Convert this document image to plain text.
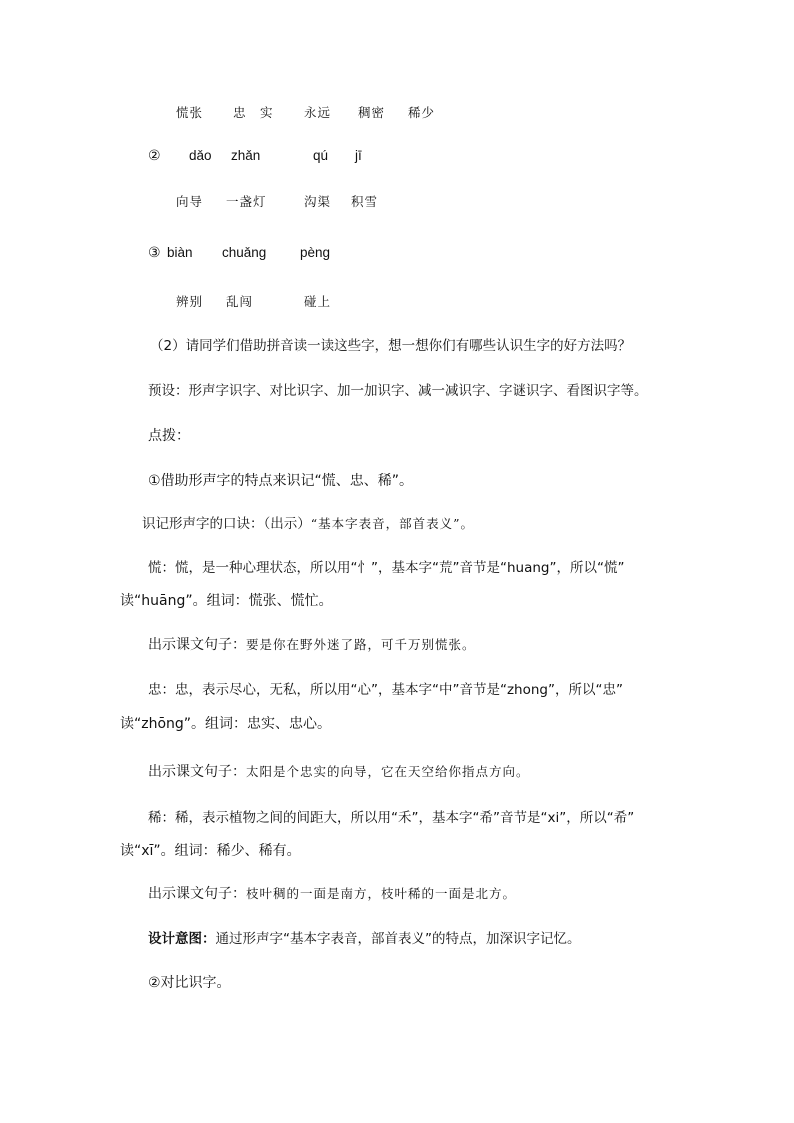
慌张 忠　实 永远 稠密 稀少
② dǎo zhǎn	qú jī
向导 一盏灯	沟渠 积雪
③ biàn chuǎng pèng
辨别 乱闯	碰上
（2）请同学们借助拼音读一读这些字，想一想你们有哪些认识生字的好方法吗？
预设：形声字识字、对比识字、加一加识字、减一减识字、字谜识字、看图识字等。
点拨：
①借助形声字的特点来识记“慌、忠、稀”。
识记形声字的口诀：（出示）“基本字表音，部首表义”。
慌：慌，是一种心理状态，所以用“忄”，基本字“荒”音节是“huang”，所以“慌”
读“huāng”。组词：慌张、慌忙。
出示课文句子：要是你在野外迷了路，可千万别慌张。
忠：忠，表示尽心，无私，所以用“心”，基本字“中”音节是“zhong”，所以“忠”
读“zhōng”。组词：忠实、忠心。
出示课文句子：太阳是个忠实的向导，它在天空给你指点方向。
稀：稀，表示植物之间的间距大，所以用“禾”，基本字“希”音节是“xi”，所以“希”
读“xī”。组词：稀少、稀有。
出示课文句子：枝叶稠的一面是南方，枝叶稀的一面是北方。
设计意图：通过形声字“基本字表音，部首表义”的特点，加深识字记忆。
②对比识字。
